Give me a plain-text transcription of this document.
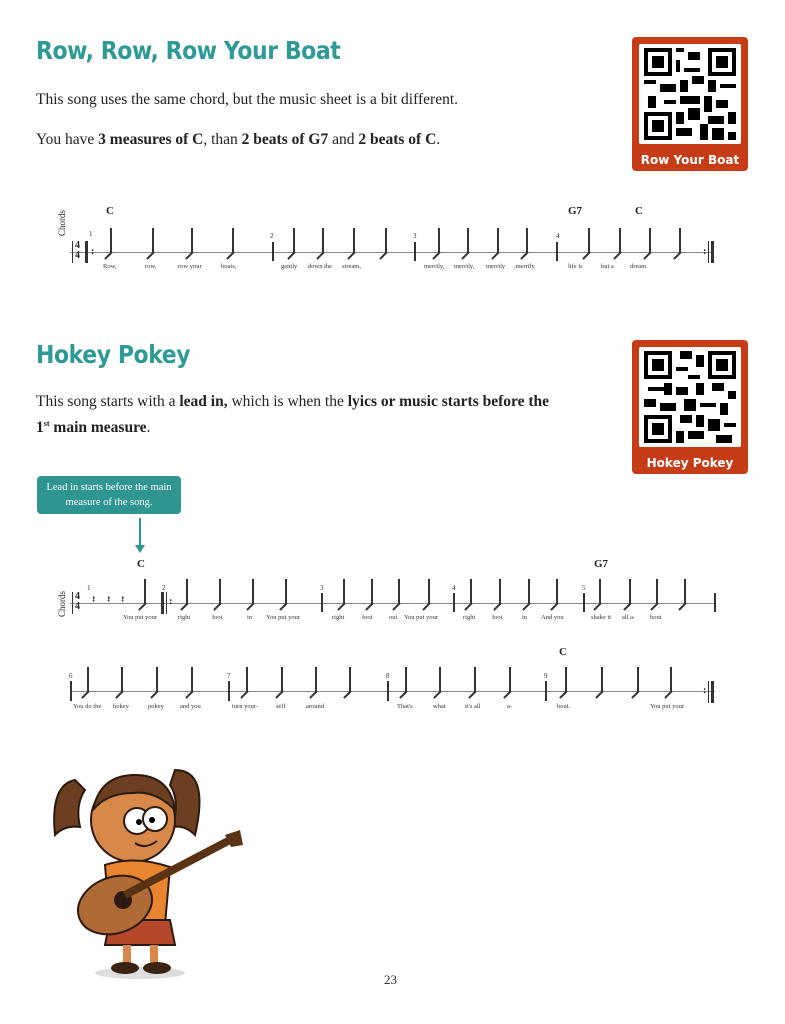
Row, Row, Row Your Boat
This song uses the same chord, but the music sheet is a bit different.
You have 3 measures of C, than 2 beats of G7 and 2 beats of C.
Row Your Boat
Chords
4
4 :	:
1	2	3	4
C	G7	C
Row,	row,	row your	boats,	gently down the stream,	merrily, merrily, merrily ,merrily	life is	but a dream.
Hokey Pokey
This song starts with a lead in, which is when the lyics or music starts before the 1st main measure.
Hokey Pokey
Lead in starts before the main measure of the song.
Chords 4
4
𝄽 𝄽 𝄽	:
1	2	3	4	5
C	G7
You put your	right	foot	in You put your	right	foot	out You put your	right	foot	in And you	shake it all a- bout
:
6	7	8	9
C
You do the hokey	pokey and you	turn your-	self	around	That's	what	it's all	a-	bout.	You put your
23
